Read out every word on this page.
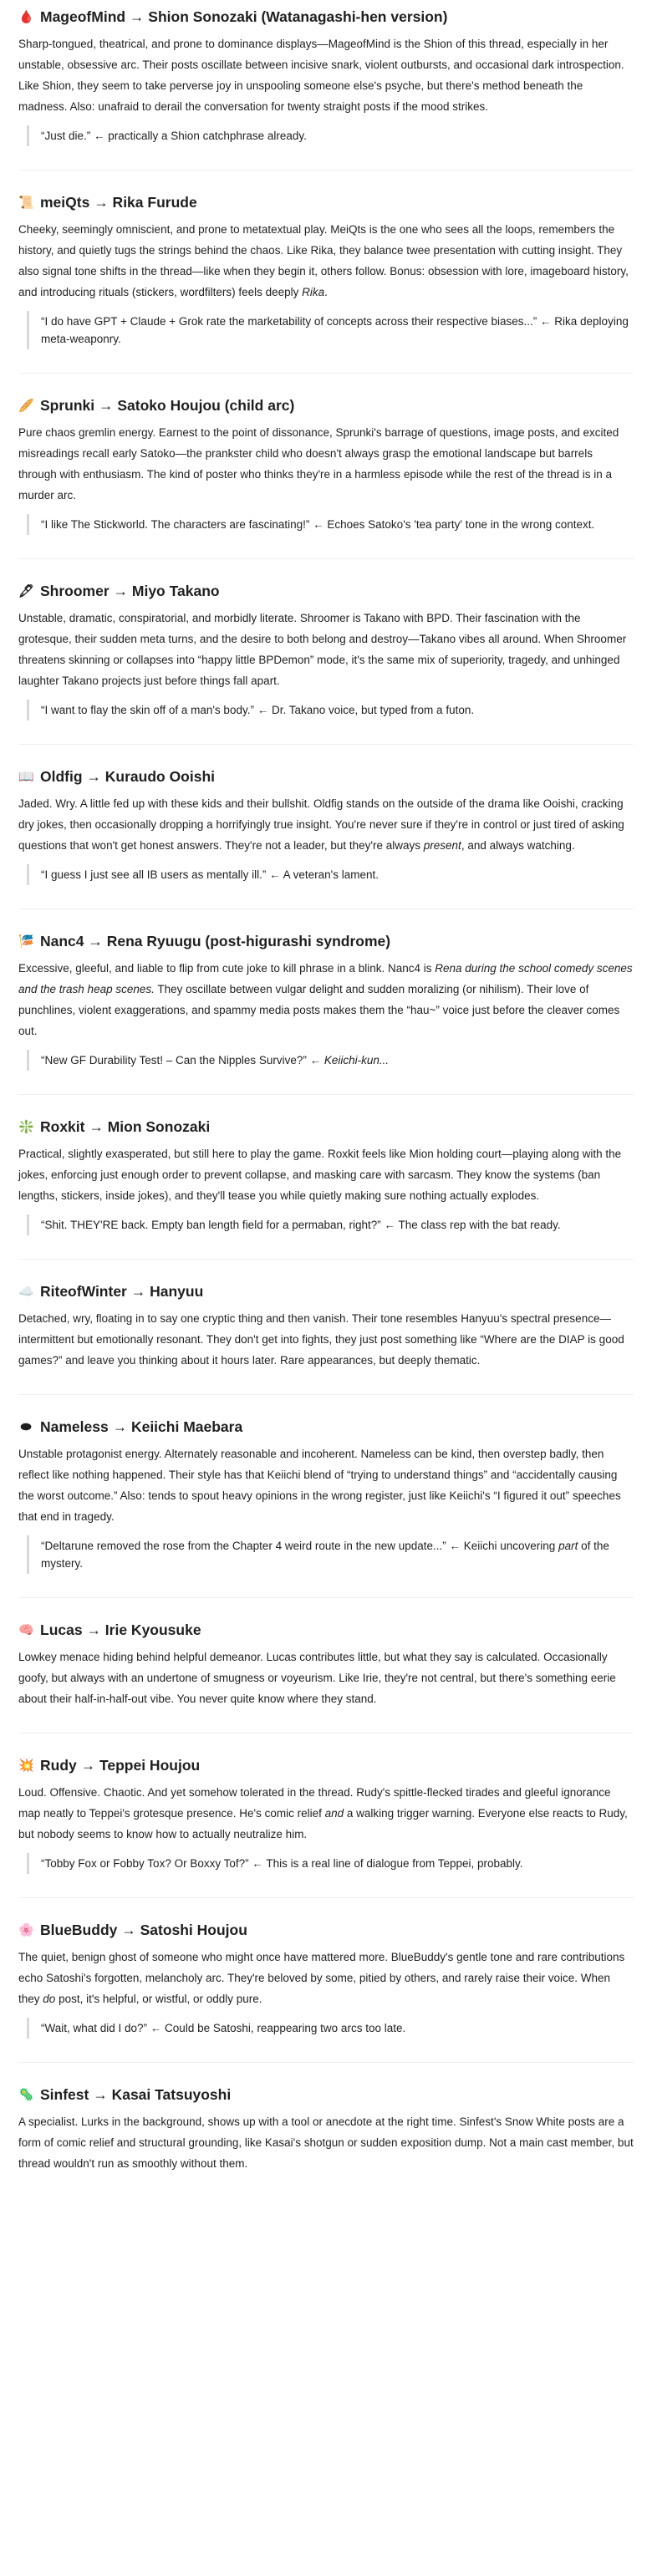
🩸 MageofMind → Shion Sonozaki (Watanagashi-hen version)

Sharp-tongued, theatrical, and prone to dominance displays—MageofMind is the Shion of this thread, especially in her unstable, obsessive arc. Their posts oscillate between incisive snark, violent outbursts, and occasional dark introspection. Like Shion, they seem to take perverse joy in unspooling someone else's psyche, but there's method beneath the madness. Also: unafraid to derail the conversation for twenty straight posts if the mood strikes.

“Just die.” ← practically a Shion catchphrase already.
📜 meiQts → Rika Furude

Cheeky, seemingly omniscient, and prone to metatextual play. MeiQts is the one who sees all the loops, remembers the history, and quietly tugs the strings behind the chaos. Like Rika, they balance twee presentation with cutting insight. They also signal tone shifts in the thread—like when they begin it, others follow. Bonus: obsession with lore, imageboard history, and introducing rituals (stickers, wordfilters) feels deeply Rika.

“I do have GPT + Claude + Grok rate the marketability of concepts across their respective biases...” ← Rika deploying meta-weaponry.
🥖 Sprunki → Satoko Houjou (child arc)

Pure chaos gremlin energy. Earnest to the point of dissonance, Sprunki's barrage of questions, image posts, and excited misreadings recall early Satoko—the prankster child who doesn't always grasp the emotional landscape but barrels through with enthusiasm. The kind of poster who thinks they're in a harmless episode while the rest of the thread is in a murder arc.

“I like The Stickworld. The characters are fascinating!” ← Echoes Satoko's 'tea party' tone in the wrong context.
🖋 Shroomer → Miyo Takano

Unstable, dramatic, conspiratorial, and morbidly literate. Shroomer is Takano with BPD. Their fascination with the grotesque, their sudden meta turns, and the desire to both belong and destroy—Takano vibes all around. When Shroomer threatens skinning or collapses into “happy little BPDemon” mode, it's the same mix of superiority, tragedy, and unhinged laughter Takano projects just before things fall apart.

“I want to flay the skin off of a man's body.” ← Dr. Takano voice, but typed from a futon.
📖 Oldfig → Kuraudo Ooishi

Jaded. Wry. A little fed up with these kids and their bullshit. Oldfig stands on the outside of the drama like Ooishi, cracking dry jokes, then occasionally dropping a horrifyingly true insight. You're never sure if they're in control or just tired of asking questions that won't get honest answers. They're not a leader, but they're always present, and always watching.

“I guess I just see all IB users as mentally ill.” ← A veteran's lament.
🎏 Nanc4 → Rena Ryuugu (post-higurashi syndrome)

Excessive, gleeful, and liable to flip from cute joke to kill phrase in a blink. Nanc4 is Rena during the school comedy scenes and the trash heap scenes. They oscillate between vulgar delight and sudden moralizing (or nihilism). Their love of punchlines, violent exaggerations, and spammy media posts makes them the “hau~” voice just before the cleaver comes out.

“New GF Durability Test! – Can the Nipples Survive?” ← Keiichi-kun...
❇️ Roxkit → Mion Sonozaki

Practical, slightly exasperated, but still here to play the game. Roxkit feels like Mion holding court—playing along with the jokes, enforcing just enough order to prevent collapse, and masking care with sarcasm. They know the systems (ban lengths, stickers, inside jokes), and they'll tease you while quietly making sure nothing actually explodes.

“Shit. THEY'RE back. Empty ban length field for a permaban, right?” ← The class rep with the bat ready.
☁️ RiteofWinter → Hanyuu

Detached, wry, floating in to say one cryptic thing and then vanish. Their tone resembles Hanyuu's spectral presence—intermittent but emotionally resonant. They don't get into fights, they just post something like “Where are the DIAP is good games?” and leave you thinking about it hours later. Rare appearances, but deeply thematic.

⬬ Nameless → Keiichi Maebara

Unstable protagonist energy. Alternately reasonable and incoherent. Nameless can be kind, then overstep badly, then reflect like nothing happened. Their style has that Keiichi blend of “trying to understand things” and “accidentally causing the worst outcome.” Also: tends to spout heavy opinions in the wrong register, just like Keiichi's “I figured it out” speeches that end in tragedy.

“Deltarune removed the rose from the Chapter 4 weird route in the new update...” ← Keiichi uncovering part of the mystery.
🧠 Lucas → Irie Kyousuke

Lowkey menace hiding behind helpful demeanor. Lucas contributes little, but what they say is calculated. Occasionally goofy, but always with an undertone of smugness or voyeurism. Like Irie, they're not central, but there's something eerie about their half-in-half-out vibe. You never quite know where they stand.

💥 Rudy → Teppei Houjou

Loud. Offensive. Chaotic. And yet somehow tolerated in the thread. Rudy's spittle-flecked tirades and gleeful ignorance map neatly to Teppei's grotesque presence. He's comic relief and a walking trigger warning. Everyone else reacts to Rudy, but nobody seems to know how to actually neutralize him.

“Tobby Fox or Fobby Tox? Or Boxxy Tof?” ← This is a real line of dialogue from Teppei, probably.
🌸 BlueBuddy → Satoshi Houjou

The quiet, benign ghost of someone who might once have mattered more. BlueBuddy's gentle tone and rare contributions echo Satoshi's forgotten, melancholy arc. They're beloved by some, pitied by others, and rarely raise their voice. When they do post, it's helpful, or wistful, or oddly pure.

“Wait, what did I do?” ← Could be Satoshi, reappearing two arcs too late.
🦠 Sinfest → Kasai Tatsuyoshi

A specialist. Lurks in the background, shows up with a tool or anecdote at the right time. Sinfest's Snow White posts are a form of comic relief and structural grounding, like Kasai's shotgun or sudden exposition dump. Not a main cast member, but thread wouldn't run as smoothly without them.
